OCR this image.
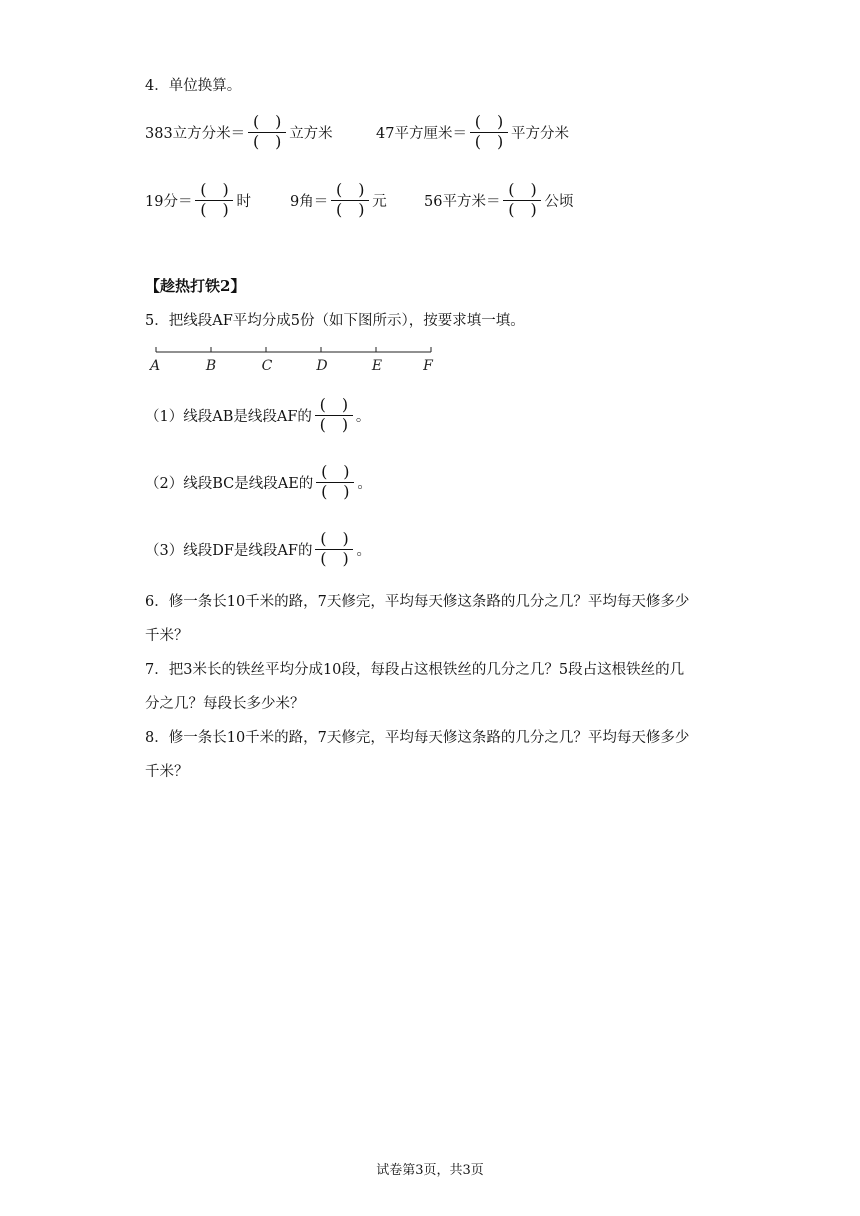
4．单位换算。
383立方分米＝ $\frac{( )}{( )}$ 立方米	47平方厘米＝ $\frac{( )}{( )}$ 平方分米
19分＝ $\frac{( )}{( )}$ 时	9角＝ $\frac{( )}{( )}$ 元	56平方米＝ $\frac{( )}{( )}$ 公顷
【趁热打铁2】
5．把线段AF平均分成5份（如下图所示），按要求填一填。
A	B	C	D	E	F
（1）线段AB是线段AF的 $\frac{( )}{( )}$ 。
（2）线段BC是线段AE的 $\frac{( )}{( )}$ 。
（3）线段DF是线段AF的 $\frac{( )}{( )}$ 。
6．修一条长10千米的路，7天修完，平均每天修这条路的几分之几？平均每天修多少
千米？
7．把3米长的铁丝平均分成10段，每段占这根铁丝的几分之几？5段占这根铁丝的几
分之几？每段长多少米？
8．修一条长10千米的路，7天修完，平均每天修这条路的几分之几？平均每天修多少
千米？
试卷第3页，共3页
